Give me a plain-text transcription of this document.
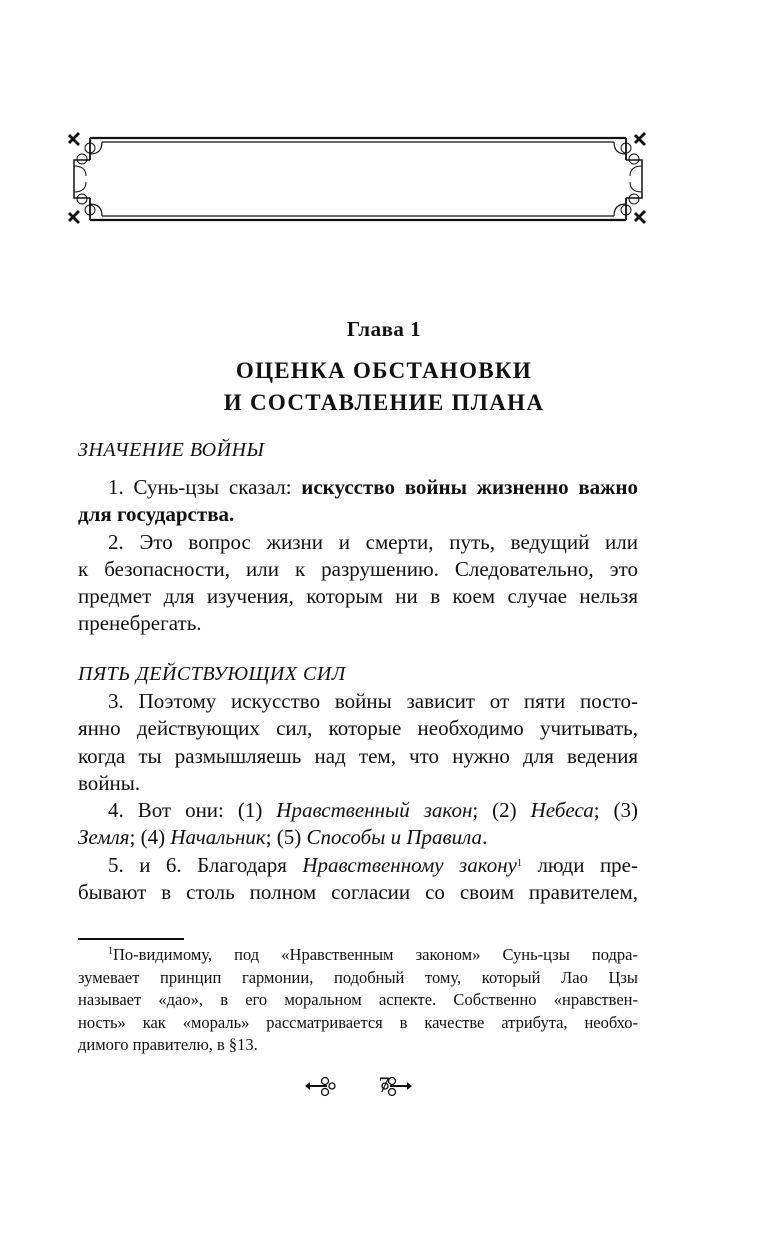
Глава 1
ОЦЕНКА ОБСТАНОВКИ
И СОСТАВЛЕНИЕ ПЛАНА
ЗНАЧЕНИЕ ВОЙНЫ
1. Сунь-цзы сказал: искусство войны жизненно важно
для государства.
2. Это вопрос жизни и смерти, путь, ведущий или
к безопасности, или к разрушению. Следовательно, это
предмет для изучения, которым ни в коем случае нельзя
пренебрегать.
ПЯТЬ ДЕЙСТВУЮЩИХ СИЛ
3. Поэтому искусство войны зависит от пяти посто-
янно действующих сил, которые необходимо учитывать,
когда ты размышляешь над тем, что нужно для ведения
войны.
4. Вот они: (1) Нравственный закон; (2) Небеса; (3)
Земля; (4) Начальник; (5) Способы и Правила.
5. и 6. Благодаря Нравственному закону$^1$ люди пре-
бывают в столь полном согласии со своим правителем,
$^1$По-видимому, под «Нравственным законом» Сунь-цзы подра-
зумевает принцип гармонии, подобный тому, который Лао Цзы
называет «дао», в его моральном аспекте. Собственно «нравствен-
ность» как «мораль» рассматривается в качестве атрибута, необхо-
димого правителю, в §13.
7
